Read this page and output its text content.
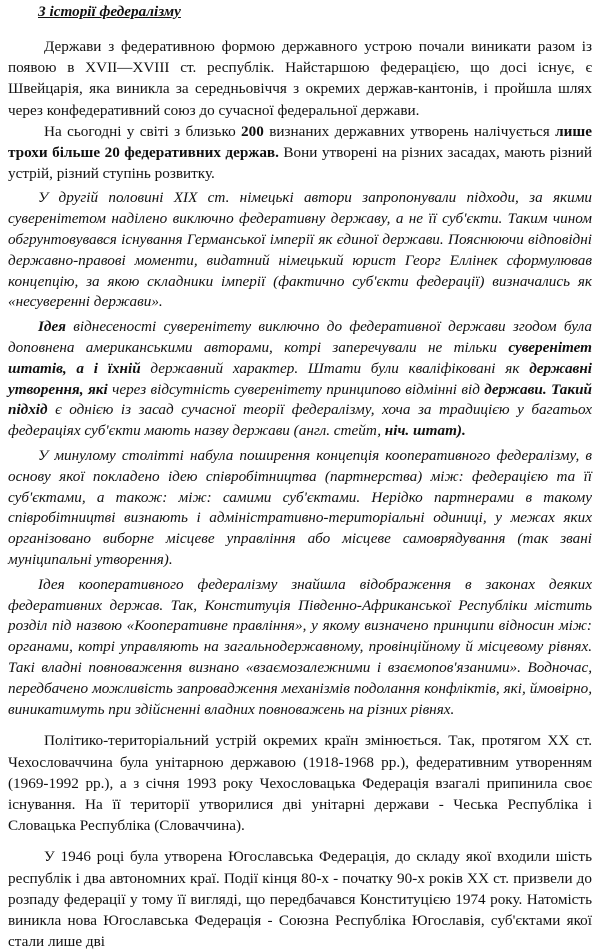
З історії федералізму

Держави з федеративною формою державного устрою почали виникати разом із появою в XVII—XVIII ст. республік. Найстаршою федерацією, що досі існує, є Швейцарія, яка виникла за середньовіччя з окремих держав-кантонів, і пройшла шлях через конфедеративний союз до сучасної федеральної держави.

На сьогодні у світі з близько 200 визнаних державних утворень налічується лише трохи більше 20 федеративних держав. Вони утворені на різних засадах, мають різний устрій, різний ступінь розвитку.

У другій половині XIX ст. німецькі автори запропонували підходи, за якими суверенітетом наділено виключно федеративну державу, а не її суб'єкти. Таким чином обгрунтовувався існування Германської імперії як єдиної держави. Пояснюючи відповідні державно-правові моменти, видатний німецький юрист Георг Еллінек сформулював концепцію, за якою складники імперії (фактично суб'єкти федерації) визначались як «несуверенні держави».

Ідея віднесеності суверенітету виключно до федеративної держави згодом була доповнена американськими авторами, котрі заперечували не тільки суверенітет штатів, а і їхній державний характер. Штати були кваліфіковані як державні утворення, які через відсутність суверенітету принципово відмінні від держави. Такий підхід є однією із засад сучасної теорії федералізму, хоча за традицією у багатьох федераціях суб'єкти мають назву держави (англ. стейт, ніч. штат).

У минулому столітті набула поширення концепція кооперативного федералізму, в основу якої покладено ідею співробітництва (партнерства) між: федерацією та її суб'єктами, а також: між: самими суб'єктами. Нерідко партнерами в такому співробітництві визнають і адміністративно-територіальні одиниці, у межах яких організовано виборне місцеве управління або місцеве самоврядування (так звані муніципальні утворення).

Ідея кооперативного федералізму знайшла відображення в законах деяких федеративних держав. Так, Конституція Південно-Африканської Республіки містить розділ під назвою «Кооперативне правління», у якому визначено принципи відносин між: органами, котрі управляють на загальнодержавному, провінційному й місцевому рівнях. Такі владні повноваження визнано «взаємозалежними і взаємопов'язаними». Водночас, передбачено можливість запровадження механізмів подолання конфліктів, які, ймовірно, виникатимуть при здійсненні владних повноважень на різних рівнях.

Політико-територіальний устрій окремих країн змінюється. Так, протягом XX ст. Чехословаччина була унітарною державою (1918-1968 рр.), федеративним утворенням (1969-1992 рр.), а з січня 1993 року Чехословацька Федерація взагалі припинила своє існування. На її території утворилися дві унітарні держави - Чеська Республіка і Словацька Республіка (Словаччина).

У 1946 році була утворена Югославська Федерація, до складу якої входили шість республік і два автономних краї. Події кінця 80-х - початку 90-х років XX ст. призвели до розпаду федерації у тому її вигляді, що передбачався Конституцією 1974 року. Натомість виникла нова Югославська Федерація - Союзна Республіка Югославія, суб'єктами якої стали лише дві
